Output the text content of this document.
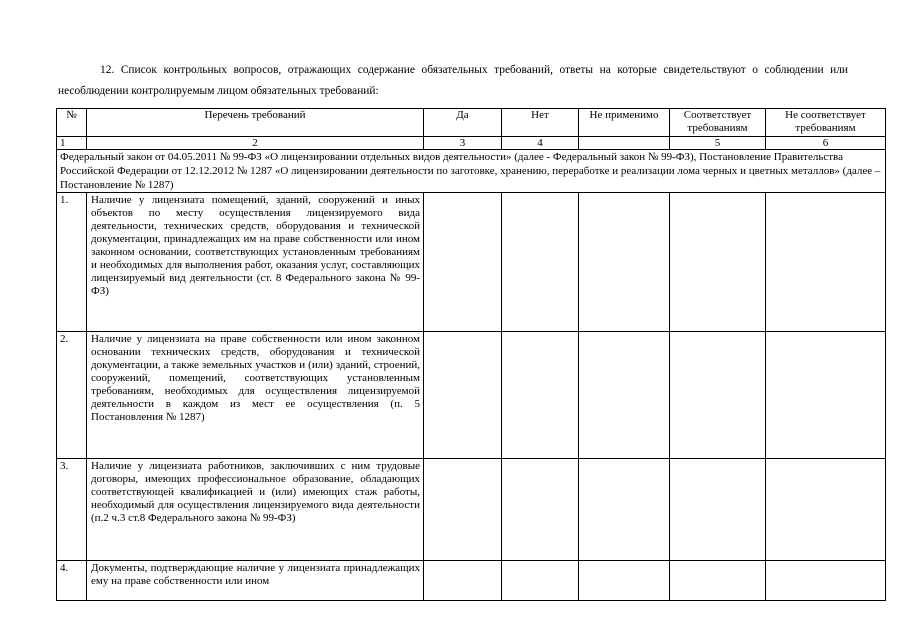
12. Список контрольных вопросов, отражающих содержание обязательных требований, ответы на которые свидетельствуют о соблюдении или несоблюдении контролируемым лицом обязательных требований:

№	Перечень требований	Да	Нет	Не применимо	Соответствует требованиям	Не соответствует требованиям
1	2	3	4		5	6
Федеральный закон от 04.05.2011 № 99-ФЗ «О лицензировании отдельных видов деятельности» (далее - Федеральный закон № 99-ФЗ), Постановление Правительства Российской Федерации от 12.12.2012 № 1287 «О лицензировании деятельности по заготовке, хранению, переработке и реализации лома черных и цветных металлов» (далее – Постановление № 1287)						
1.	Наличие у лицензиата помещений, зданий, сооружений и иных объектов по месту осуществления лицензируемого вида деятельности, технических средств, оборудования и технической документации, принадлежащих им на праве собственности или ином законном основании, соответствующих установленным требованиям и необходимых для выполнения работ, оказания услуг, составляющих лицензируемый вид деятельности (ст. 8 Федерального закона № 99-ФЗ)					
2.	Наличие у лицензиата на праве собственности или ином законном основании технических средств, оборудования и технической документации, а также земельных участков и (или) зданий, строений, сооружений, помещений, соответствующих установленным требованиям, необходимых для осуществления лицензируемой деятельности в каждом из мест ее осуществления (п. 5 Постановления № 1287)					
3.	Наличие у лицензиата работников, заключивших с ним трудовые договоры, имеющих профессиональное образование, обладающих соответствующей квалификацией и (или) имеющих стаж работы, необходимый для осуществления лицензируемого вида деятельности (п.2 ч.3 ст.8 Федерального закона № 99-ФЗ)					
4.	Документы, подтверждающие наличие у лицензиата принадлежащих ему на праве собственности или ином					
